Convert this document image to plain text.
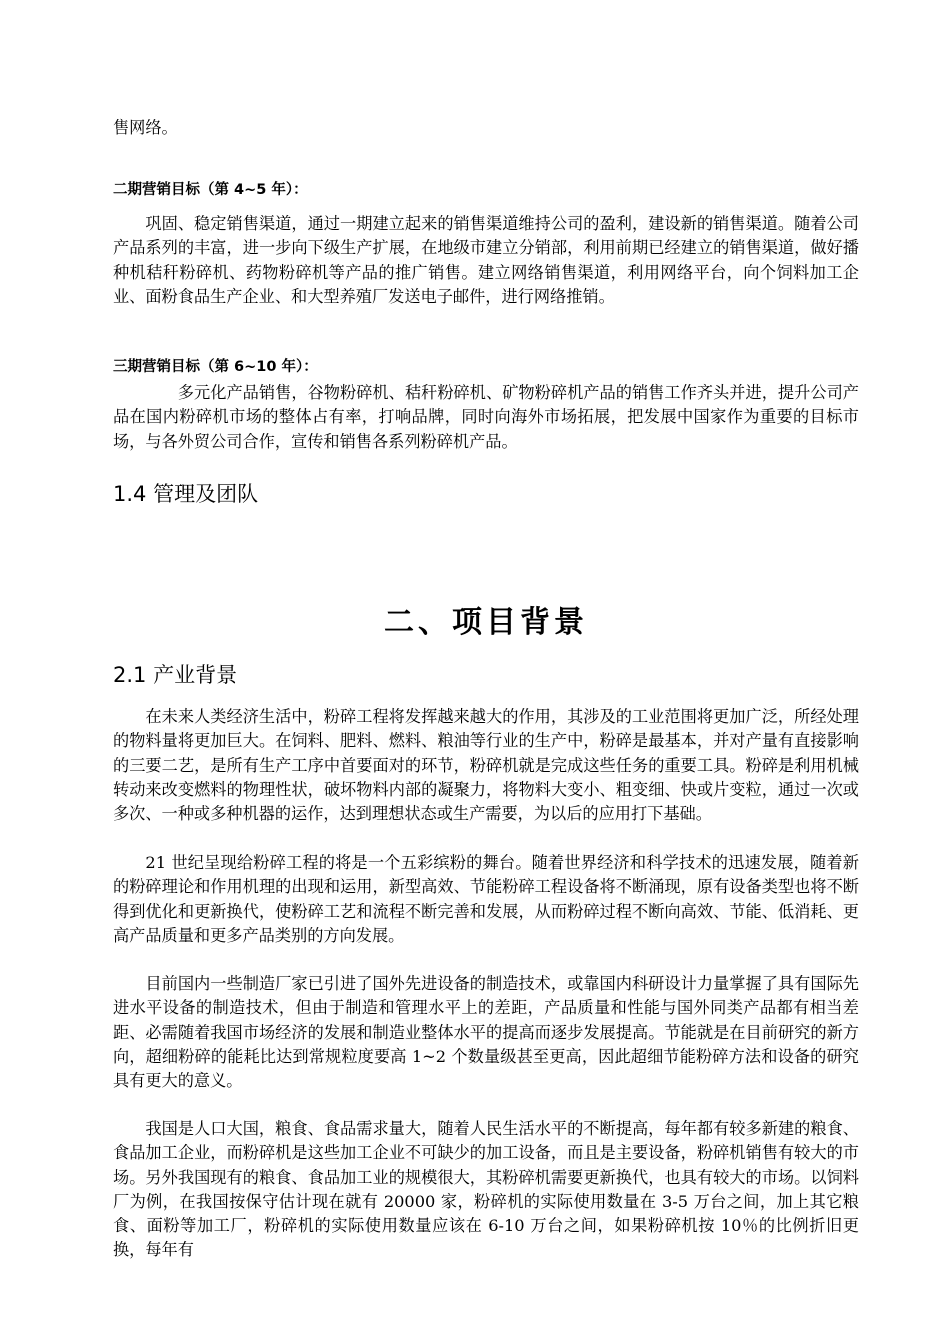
售网络。

二期营销目标（第 4~5 年）：

巩固、稳定销售渠道，通过一期建立起来的销售渠道维持公司的盈利，建设新的销售渠道。随着公司产品系列的丰富，进一步向下级生产扩展，在地级市建立分销部，利用前期已经建立的销售渠道，做好播种机秸秆粉碎机、药物粉碎机等产品的推广销售。建立网络销售渠道，利用网络平台，向个饲料加工企业、面粉食品生产企业、和大型养殖厂发送电子邮件，进行网络推销。

三期营销目标（第 6~10 年）：

多元化产品销售，谷物粉碎机、秸秆粉碎机、矿物粉碎机产品的销售工作齐头并进，提升公司产品在国内粉碎机市场的整体占有率，打响品牌，同时向海外市场拓展，把发展中国家作为重要的目标市场，与各外贸公司合作，宣传和销售各系列粉碎机产品。

1.4 管理及团队

二、项目背景

2.1 产业背景

在未来人类经济生活中，粉碎工程将发挥越来越大的作用，其涉及的工业范围将更加广泛，所经处理的物料量将更加巨大。在饲料、肥料、燃料、粮油等行业的生产中，粉碎是最基本，并对产量有直接影响的三要二艺，是所有生产工序中首要面对的环节，粉碎机就是完成这些任务的重要工具。粉碎是利用机械转动来改变燃料的物理性状，破坏物料内部的凝聚力，将物料大变小、粗变细、快或片变粒，通过一次或多次、一种或多种机器的运作，达到理想状态或生产需要，为以后的应用打下基础。

21 世纪呈现给粉碎工程的将是一个五彩缤粉的舞台。随着世界经济和科学技术的迅速发展，随着新的粉碎理论和作用机理的出现和运用，新型高效、节能粉碎工程设备将不断涌现，原有设备类型也将不断得到优化和更新换代，使粉碎工艺和流程不断完善和发展，从而粉碎过程不断向高效、节能、低消耗、更高产品质量和更多产品类别的方向发展。

目前国内一些制造厂家已引进了国外先进设备的制造技术，或靠国内科研设计力量掌握了具有国际先进水平设备的制造技术，但由于制造和管理水平上的差距，产品质量和性能与国外同类产品都有相当差距、必需随着我国市场经济的发展和制造业整体水平的提高而逐步发展提高。节能就是在目前研究的新方向，超细粉碎的能耗比达到常规粒度要高 1~2 个数量级甚至更高，因此超细节能粉碎方法和设备的研究具有更大的意义。

我国是人口大国，粮食、食品需求量大，随着人民生活水平的不断提高，每年都有较多新建的粮食、食品加工企业，而粉碎机是这些加工企业不可缺少的加工设备，而且是主要设备，粉碎机销售有较大的市场。另外我国现有的粮食、食品加工业的规模很大，其粉碎机需要更新换代，也具有较大的市场。以饲料厂为例，在我国按保守估计现在就有 20000 家，粉碎机的实际使用数量在 3-5 万台之间，加上其它粮食、面粉等加工厂，粉碎机的实际使用数量应该在 6-10 万台之间，如果粉碎机按 10％的比例折旧更换，每年有
